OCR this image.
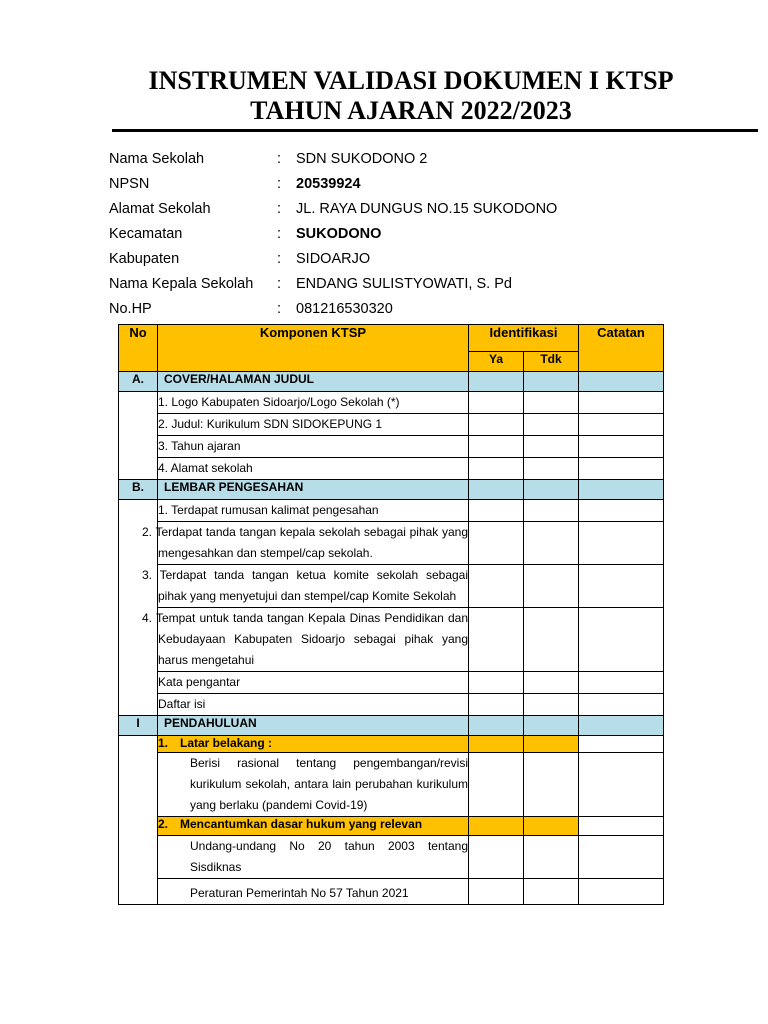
INSTRUMEN VALIDASI DOKUMEN I KTSP
TAHUN AJARAN 2022/2023
Nama Sekolah	: SDN SUKODONO 2
NPSN	: 20539924
Alamat Sekolah	: JL. RAYA DUNGUS NO.15 SUKODONO
Kecamatan	: SUKODONO
Kabupaten	: SIDOARJO
Nama Kepala Sekolah : ENDANG SULISTYOWATI, S. Pd
No.HP	: 081216530320
No	Komponen KTSP	Identifikasi		Catatan
		Ya	Tdk	
A.	COVER/HALAMAN JUDUL			
	1. Logo Kabupaten Sidoarjo/Logo Sekolah (*)			
	2. Judul: Kurikulum SDN SIDOKEPUNG 1			
	3. Tahun ajaran			
	4. Alamat sekolah			
B.	LEMBAR PENGESAHAN			
	1. Terdapat rumusan kalimat pengesahan			
	2. Terdapat tanda tangan kepala sekolah sebagai pihak yang mengesahkan dan stempel/cap sekolah.			
	3. Terdapat tanda tangan ketua komite sekolah sebagai pihak yang menyetujui dan stempel/cap Komite Sekolah			
	4. Tempat untuk tanda tangan Kepala Dinas Pendidikan dan Kebudayaan Kabupaten Sidoarjo sebagai pihak yang harus mengetahui			
	Kata pengantar			
	Daftar isi			
I	PENDAHULUAN			
	1. Latar belakang :			
	Berisi rasional tentang pengembangan/revisi kurikulum sekolah, antara lain perubahan kurikulum yang berlaku (pandemi Covid-19)			
	2. Mencantumkan dasar hukum yang relevan			
	Undang-undang No 20 tahun 2003 tentang Sisdiknas			
	Peraturan Pemerintah No 57 Tahun 2021			
